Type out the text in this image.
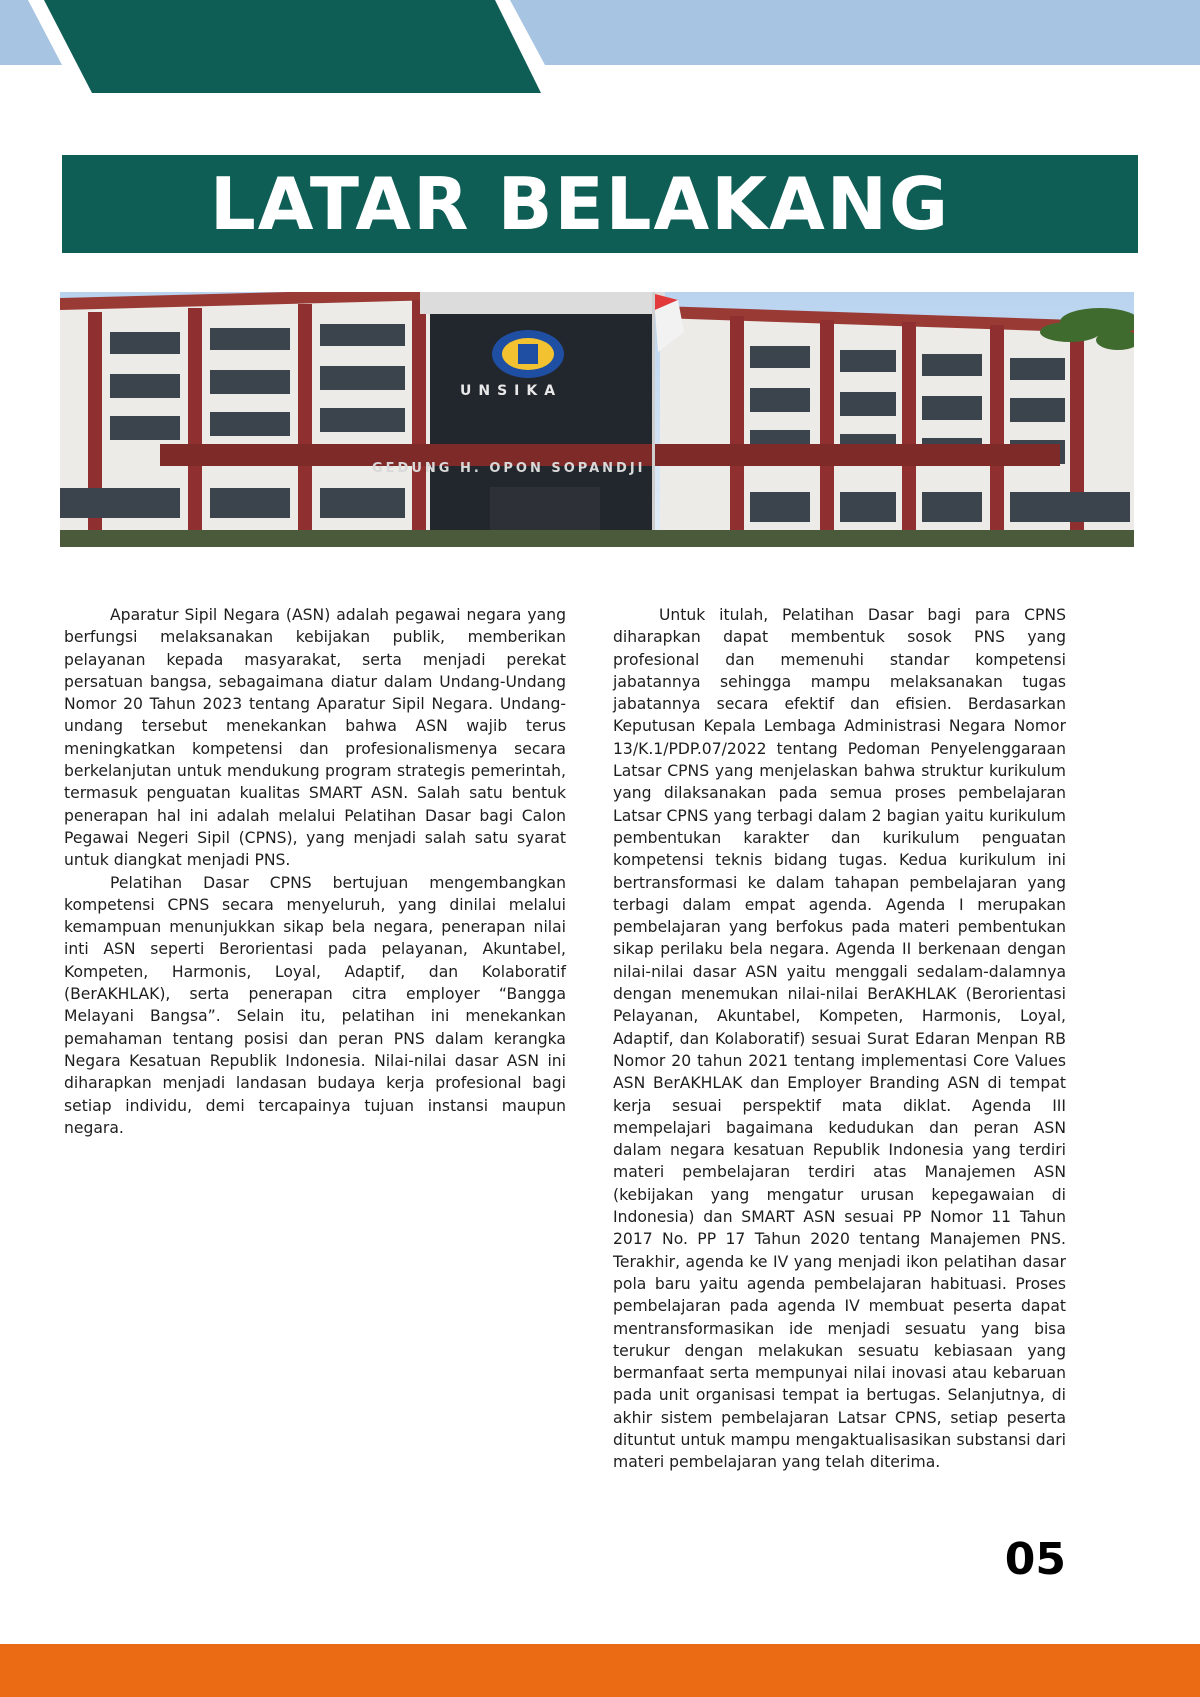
LATAR BELAKANG
UNSIKA
GEDUNG H. OPON SOPANDJI

Aparatur Sipil Negara (ASN) adalah pegawai negara yang berfungsi melaksanakan kebijakan publik, memberikan pelayanan kepada masyarakat, serta menjadi perekat persatuan bangsa, sebagaimana diatur dalam Undang-Undang Nomor 20 Tahun 2023 tentang Aparatur Sipil Negara. Undang-undang tersebut menekankan bahwa ASN wajib terus meningkatkan kompetensi dan profesionalismenya secara berkelanjutan untuk mendukung program strategis pemerintah, termasuk penguatan kualitas SMART ASN. Salah satu bentuk penerapan hal ini adalah melalui Pelatihan Dasar bagi Calon Pegawai Negeri Sipil (CPNS), yang menjadi salah satu syarat untuk diangkat menjadi PNS.

Pelatihan Dasar CPNS bertujuan mengembangkan kompetensi CPNS secara menyeluruh, yang dinilai melalui kemampuan menunjukkan sikap bela negara, penerapan nilai inti ASN seperti Berorientasi pada pelayanan, Akuntabel, Kompeten, Harmonis, Loyal, Adaptif, dan Kolaboratif (BerAKHLAK), serta penerapan citra employer “Bangga Melayani Bangsa”. Selain itu, pelatihan ini menekankan pemahaman tentang posisi dan peran PNS dalam kerangka Negara Kesatuan Republik Indonesia. Nilai-nilai dasar ASN ini diharapkan menjadi landasan budaya kerja profesional bagi setiap individu, demi tercapainya tujuan instansi maupun negara.

Untuk itulah, Pelatihan Dasar bagi para CPNS diharapkan dapat membentuk sosok PNS yang profesional dan memenuhi standar kompetensi jabatannya sehingga mampu melaksanakan tugas jabatannya secara efektif dan efisien. Berdasarkan Keputusan Kepala Lembaga Administrasi Negara Nomor 13/K.1/PDP.07/2022 tentang Pedoman Penyelenggaraan Latsar CPNS yang menjelaskan bahwa struktur kurikulum yang dilaksanakan pada semua proses pembelajaran Latsar CPNS yang terbagi dalam 2 bagian yaitu kurikulum pembentukan karakter dan kurikulum penguatan kompetensi teknis bidang tugas. Kedua kurikulum ini bertransformasi ke dalam tahapan pembelajaran yang terbagi dalam empat agenda. Agenda I merupakan pembelajaran yang berfokus pada materi pembentukan sikap perilaku bela negara. Agenda II berkenaan dengan nilai-nilai dasar ASN yaitu menggali sedalam-dalamnya dengan menemukan nilai-nilai BerAKHLAK (Berorientasi Pelayanan, Akuntabel, Kompeten, Harmonis, Loyal, Adaptif, dan Kolaboratif) sesuai Surat Edaran Menpan RB Nomor 20 tahun 2021 tentang implementasi Core Values ASN BerAKHLAK dan Employer Branding ASN di tempat kerja sesuai perspektif mata diklat. Agenda III mempelajari bagaimana kedudukan dan peran ASN dalam negara kesatuan Republik Indonesia yang terdiri materi pembelajaran terdiri atas Manajemen ASN (kebijakan yang mengatur urusan kepegawaian di Indonesia) dan SMART ASN sesuai PP Nomor 11 Tahun 2017 No. PP 17 Tahun 2020 tentang Manajemen PNS. Terakhir, agenda ke IV yang menjadi ikon pelatihan dasar pola baru yaitu agenda pembelajaran habituasi. Proses pembelajaran pada agenda IV membuat peserta dapat mentransformasikan ide menjadi sesuatu yang bisa terukur dengan melakukan sesuatu kebiasaan yang bermanfaat serta mempunyai nilai inovasi atau kebaruan pada unit organisasi tempat ia bertugas. Selanjutnya, di akhir sistem pembelajaran Latsar CPNS, setiap peserta dituntut untuk mampu mengaktualisasikan substansi dari materi pembelajaran yang telah diterima.

05
